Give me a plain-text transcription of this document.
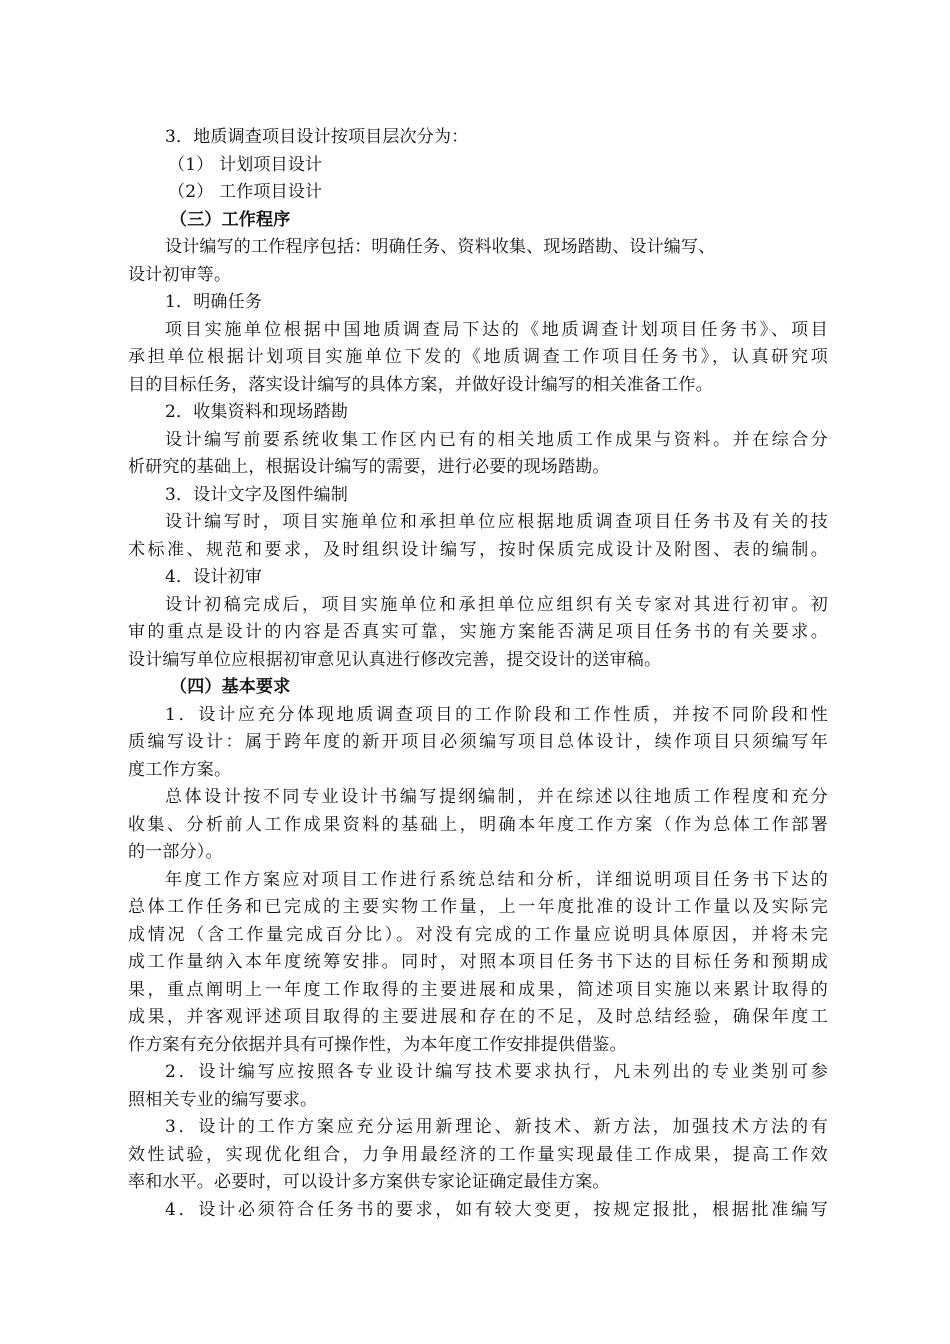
3．地质调查项目设计按项目层次分为：
（1） 计划项目设计
（2） 工作项目设计
（三）工作程序
设计编写的工作程序包括：明确任务、资料收集、现场踏勘、设计编写、
设计初审等。
1．明确任务
项目实施单位根据中国地质调查局下达的《地质调查计划项目任务书》、项目
承担单位根据计划项目实施单位下发的《地质调查工作项目任务书》，认真研究项
目的目标任务，落实设计编写的具体方案，并做好设计编写的相关准备工作。
2．收集资料和现场踏勘
设计编写前要系统收集工作区内已有的相关地质工作成果与资料。并在综合分
析研究的基础上，根据设计编写的需要，进行必要的现场踏勘。
3．设计文字及图件编制
设计编写时，项目实施单位和承担单位应根据地质调查项目任务书及有关的技
术标准、规范和要求，及时组织设计编写，按时保质完成设计及附图、表的编制。
4．设计初审
设计初稿完成后，项目实施单位和承担单位应组织有关专家对其进行初审。初
审的重点是设计的内容是否真实可靠，实施方案能否满足项目任务书的有关要求。
设计编写单位应根据初审意见认真进行修改完善，提交设计的送审稿。
（四）基本要求
1．设计应充分体现地质调查项目的工作阶段和工作性质，并按不同阶段和性
质编写设计：属于跨年度的新开项目必须编写项目总体设计，续作项目只须编写年
度工作方案。
总体设计按不同专业设计书编写提纲编制，并在综述以往地质工作程度和充分
收集、分析前人工作成果资料的基础上，明确本年度工作方案（作为总体工作部署
的一部分）。
年度工作方案应对项目工作进行系统总结和分析，详细说明项目任务书下达的
总体工作任务和已完成的主要实物工作量，上一年度批准的设计工作量以及实际完
成情况（含工作量完成百分比）。对没有完成的工作量应说明具体原因，并将未完
成工作量纳入本年度统筹安排。同时，对照本项目任务书下达的目标任务和预期成
果，重点阐明上一年度工作取得的主要进展和成果，简述项目实施以来累计取得的
成果，并客观评述项目取得的主要进展和存在的不足，及时总结经验，确保年度工
作方案有充分依据并具有可操作性，为本年度工作安排提供借鉴。
2．设计编写应按照各专业设计编写技术要求执行，凡未列出的专业类别可参
照相关专业的编写要求。
3．设计的工作方案应充分运用新理论、新技术、新方法，加强技术方法的有
效性试验，实现优化组合，力争用最经济的工作量实现最佳工作成果，提高工作效
率和水平。必要时，可以设计多方案供专家论证确定最佳方案。
4．设计必须符合任务书的要求，如有较大变更，按规定报批，根据批准编写
